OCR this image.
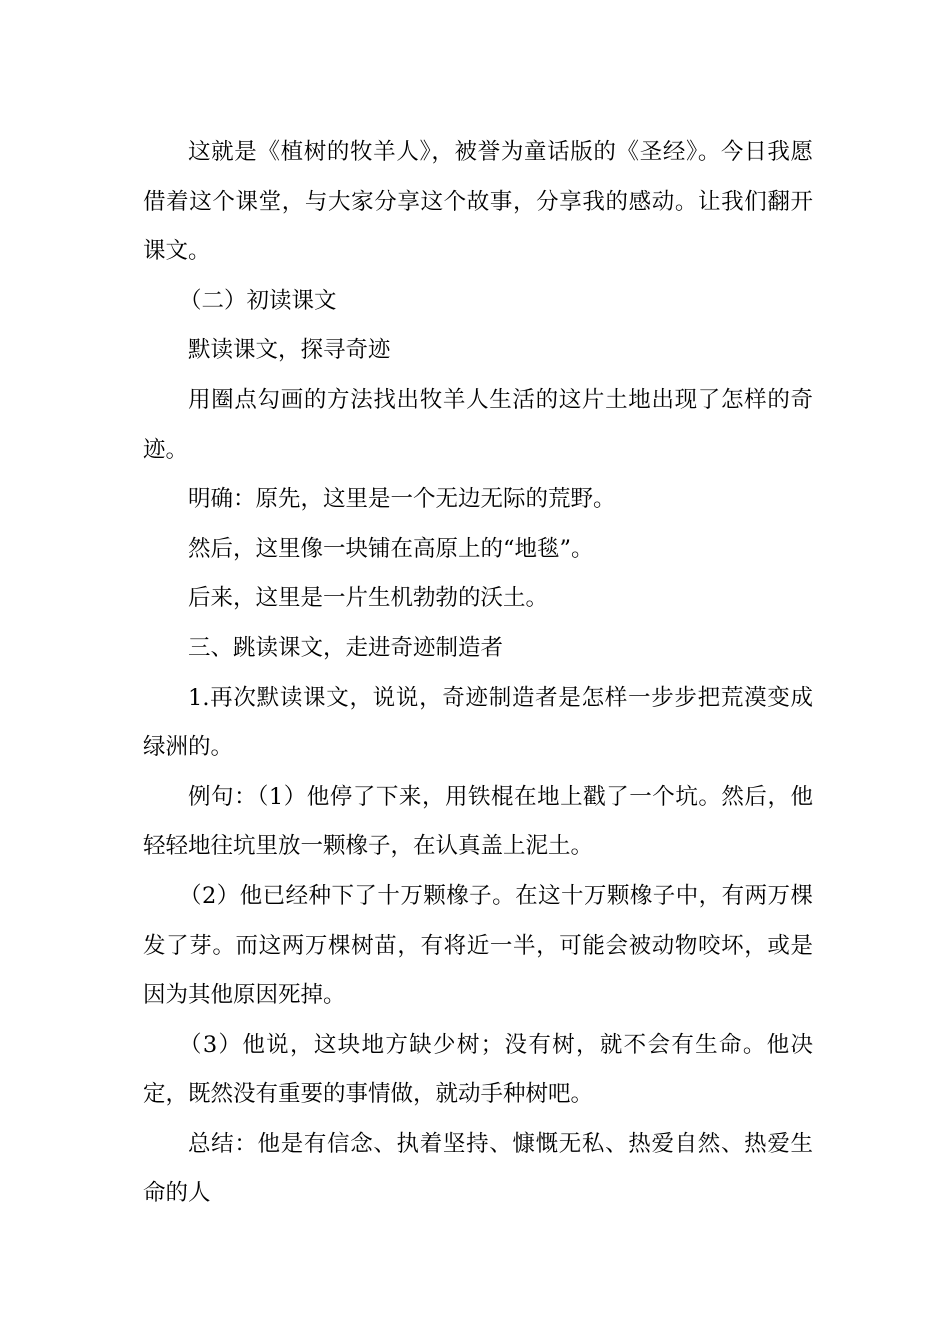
这就是《植树的牧羊人》，被誉为童话版的《圣经》。今日我愿借着这个课堂，与大家分享这个故事，分享我的感动。让我们翻开课文。

（二）初读课文

默读课文，探寻奇迹

用圈点勾画的方法找出牧羊人生活的这片土地出现了怎样的奇迹。

明确：原先，这里是一个无边无际的荒野。

然后，这里像一块铺在高原上的“地毯”。

后来，这里是一片生机勃勃的沃土。

三、跳读课文，走进奇迹制造者

1.再次默读课文，说说，奇迹制造者是怎样一步步把荒漠变成绿洲的。

例句：（1）他停了下来，用铁棍在地上戳了一个坑。然后，他轻轻地往坑里放一颗橡子，在认真盖上泥土。

（2）他已经种下了十万颗橡子。在这十万颗橡子中，有两万棵发了芽。而这两万棵树苗，有将近一半，可能会被动物咬坏，或是因为其他原因死掉。

（3）他说，这块地方缺少树；没有树，就不会有生命。他决定，既然没有重要的事情做，就动手种树吧。

总结：他是有信念、执着坚持、慷慨无私、热爱自然、热爱生命的人
